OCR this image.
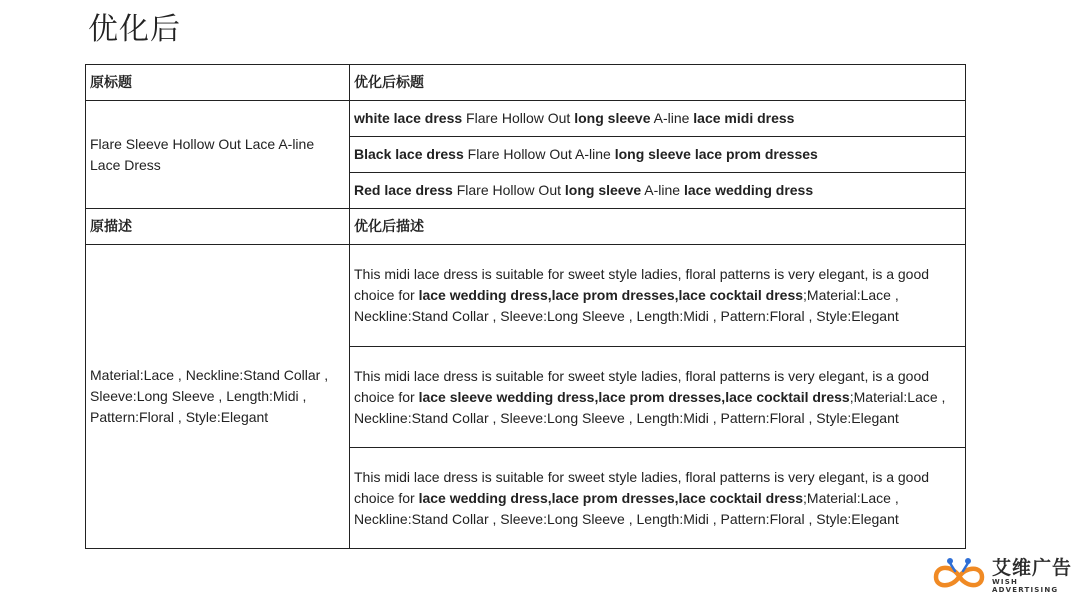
优化后
原标题	优化后标题
Flare Sleeve Hollow Out Lace A-line Lace Dress	white lace dress Flare Hollow Out long sleeve A-line lace midi dress
	Black lace dress Flare Hollow Out A-line long sleeve lace prom dresses
	Red lace dress Flare Hollow Out long sleeve A-line lace wedding dress
原描述	优化后描述
Material:Lace , Neckline:Stand Collar , Sleeve:Long Sleeve , Length:Midi , Pattern:Floral , Style:Elegant	This midi lace dress is suitable for sweet style ladies, floral patterns is very elegant, is a good choice for lace wedding dress,lace prom dresses,lace cocktail dress;Material:Lace , Neckline:Stand Collar , Sleeve:Long Sleeve , Length:Midi , Pattern:Floral , Style:Elegant
	This midi lace dress is suitable for sweet style ladies, floral patterns is very elegant, is a good choice for lace sleeve wedding dress,lace prom dresses,lace cocktail dress;Material:Lace , Neckline:Stand Collar , Sleeve:Long Sleeve , Length:Midi , Pattern:Floral , Style:Elegant
	This midi lace dress is suitable for sweet style ladies, floral patterns is very elegant, is a good choice for lace wedding dress,lace prom dresses,lace cocktail dress;Material:Lace , Neckline:Stand Collar , Sleeve:Long Sleeve , Length:Midi , Pattern:Floral , Style:Elegant
艾维广告
WISH ADVERTISING
